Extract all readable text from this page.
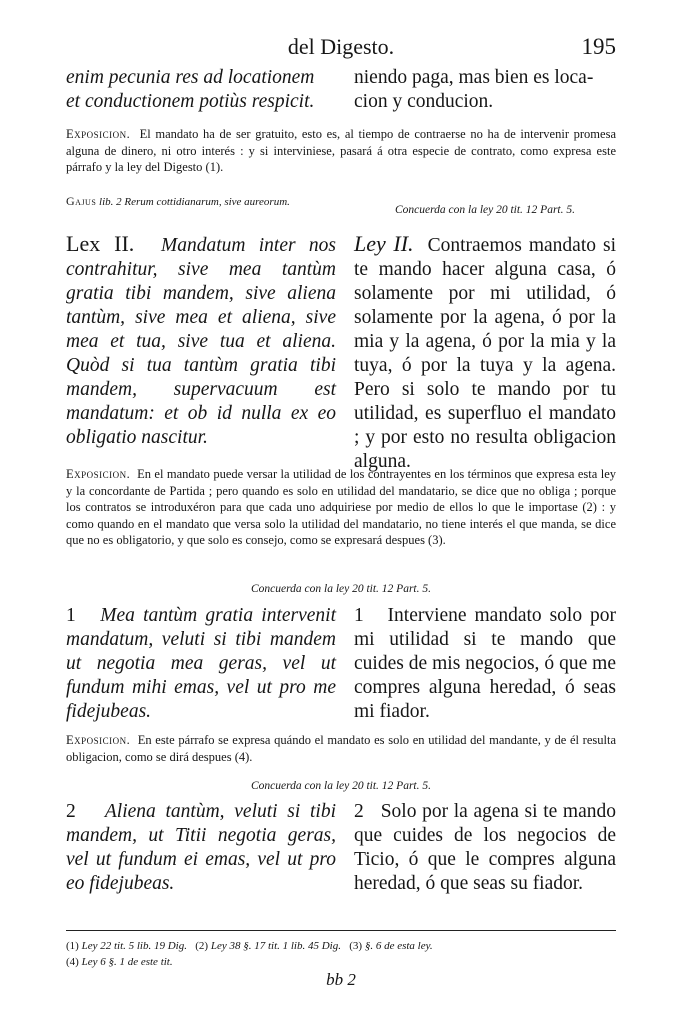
del Digesto.	195

enim pecunia res ad locationem

et conductionem potiùs respicit.

niendo paga, mas bien es loca-

cion y conducion.

Exposicion. El mandato ha de ser gratuito, esto es, al tiempo de contraerse no ha de intervenir promesa alguna de dinero, ni otro interés : y si interviniese, pasará á otra especie de contrato, como expresa este párrafo y la ley del Digesto (1).

Gajus lib. 2 Rerum cottidianarum, sive aureorum.
Concuerda con la ley 20 tit. 12 Part. 5.

Lex II. Mandatum inter nos contrahitur, sive mea tantùm gratia tibi mandem, sive aliena tantùm, sive mea et aliena, sive mea et tua, sive tua et aliena. Quòd si tua tantùm gratia tibi mandem, supervacuum est mandatum: et ob id nulla ex eo obligatio nascitur.

Ley II. Contraemos mandato si te mando hacer alguna casa, ó solamente por mi utilidad, ó solamente por la agena, ó por la mia y la agena, ó por la mia y la tuya, ó por la tuya y la agena. Pero si solo te mando por tu utilidad, es superfluo el mandato ; y por esto no resulta obligacion alguna.

Exposicion. En el mandato puede versar la utilidad de los contrayentes en los términos que expresa esta ley y la concordante de Partida ; pero quando es solo en utilidad del mandatario, se dice que no obliga ; porque los contratos se introduxéron para que cada uno adquiriese por medio de ellos lo que le importase (2) : y como quando en el mandato que versa solo la utilidad del mandatario, no tiene interés el que manda, se dice que no es obligatorio, y que solo es consejo, como se expresará despues (3).

Concuerda con la ley 20 tit. 12 Part. 5.

1 Mea tantùm gratia intervenit mandatum, veluti si tibi mandem ut negotia mea geras, vel ut fundum mihi emas, vel ut pro me fidejubeas.

1 Interviene mandato solo por mi utilidad si te mando que cuides de mis negocios, ó que me compres alguna heredad, ó seas mi fiador.

Exposicion. En este párrafo se expresa quándo el mandato es solo en utilidad del mandante, y de él resulta obligacion, como se dirá despues (4).

Concuerda con la ley 20 tit. 12 Part. 5.

2 Aliena tantùm, veluti si tibi mandem, ut Titii negotia geras, vel ut fundum ei emas, vel ut pro eo fidejubeas.

2 Solo por la agena si te mando que cuides de los negocios de Ticio, ó que le compres alguna heredad, ó que seas su fiador.

(1) Ley 22 tit. 5 lib. 19 Dig. (2) Ley 38 §. 17 tit. 1 lib. 45 Dig. (3) §. 6 de esta ley.
(4) Ley 6 §. 1 de este tit.
bb 2
